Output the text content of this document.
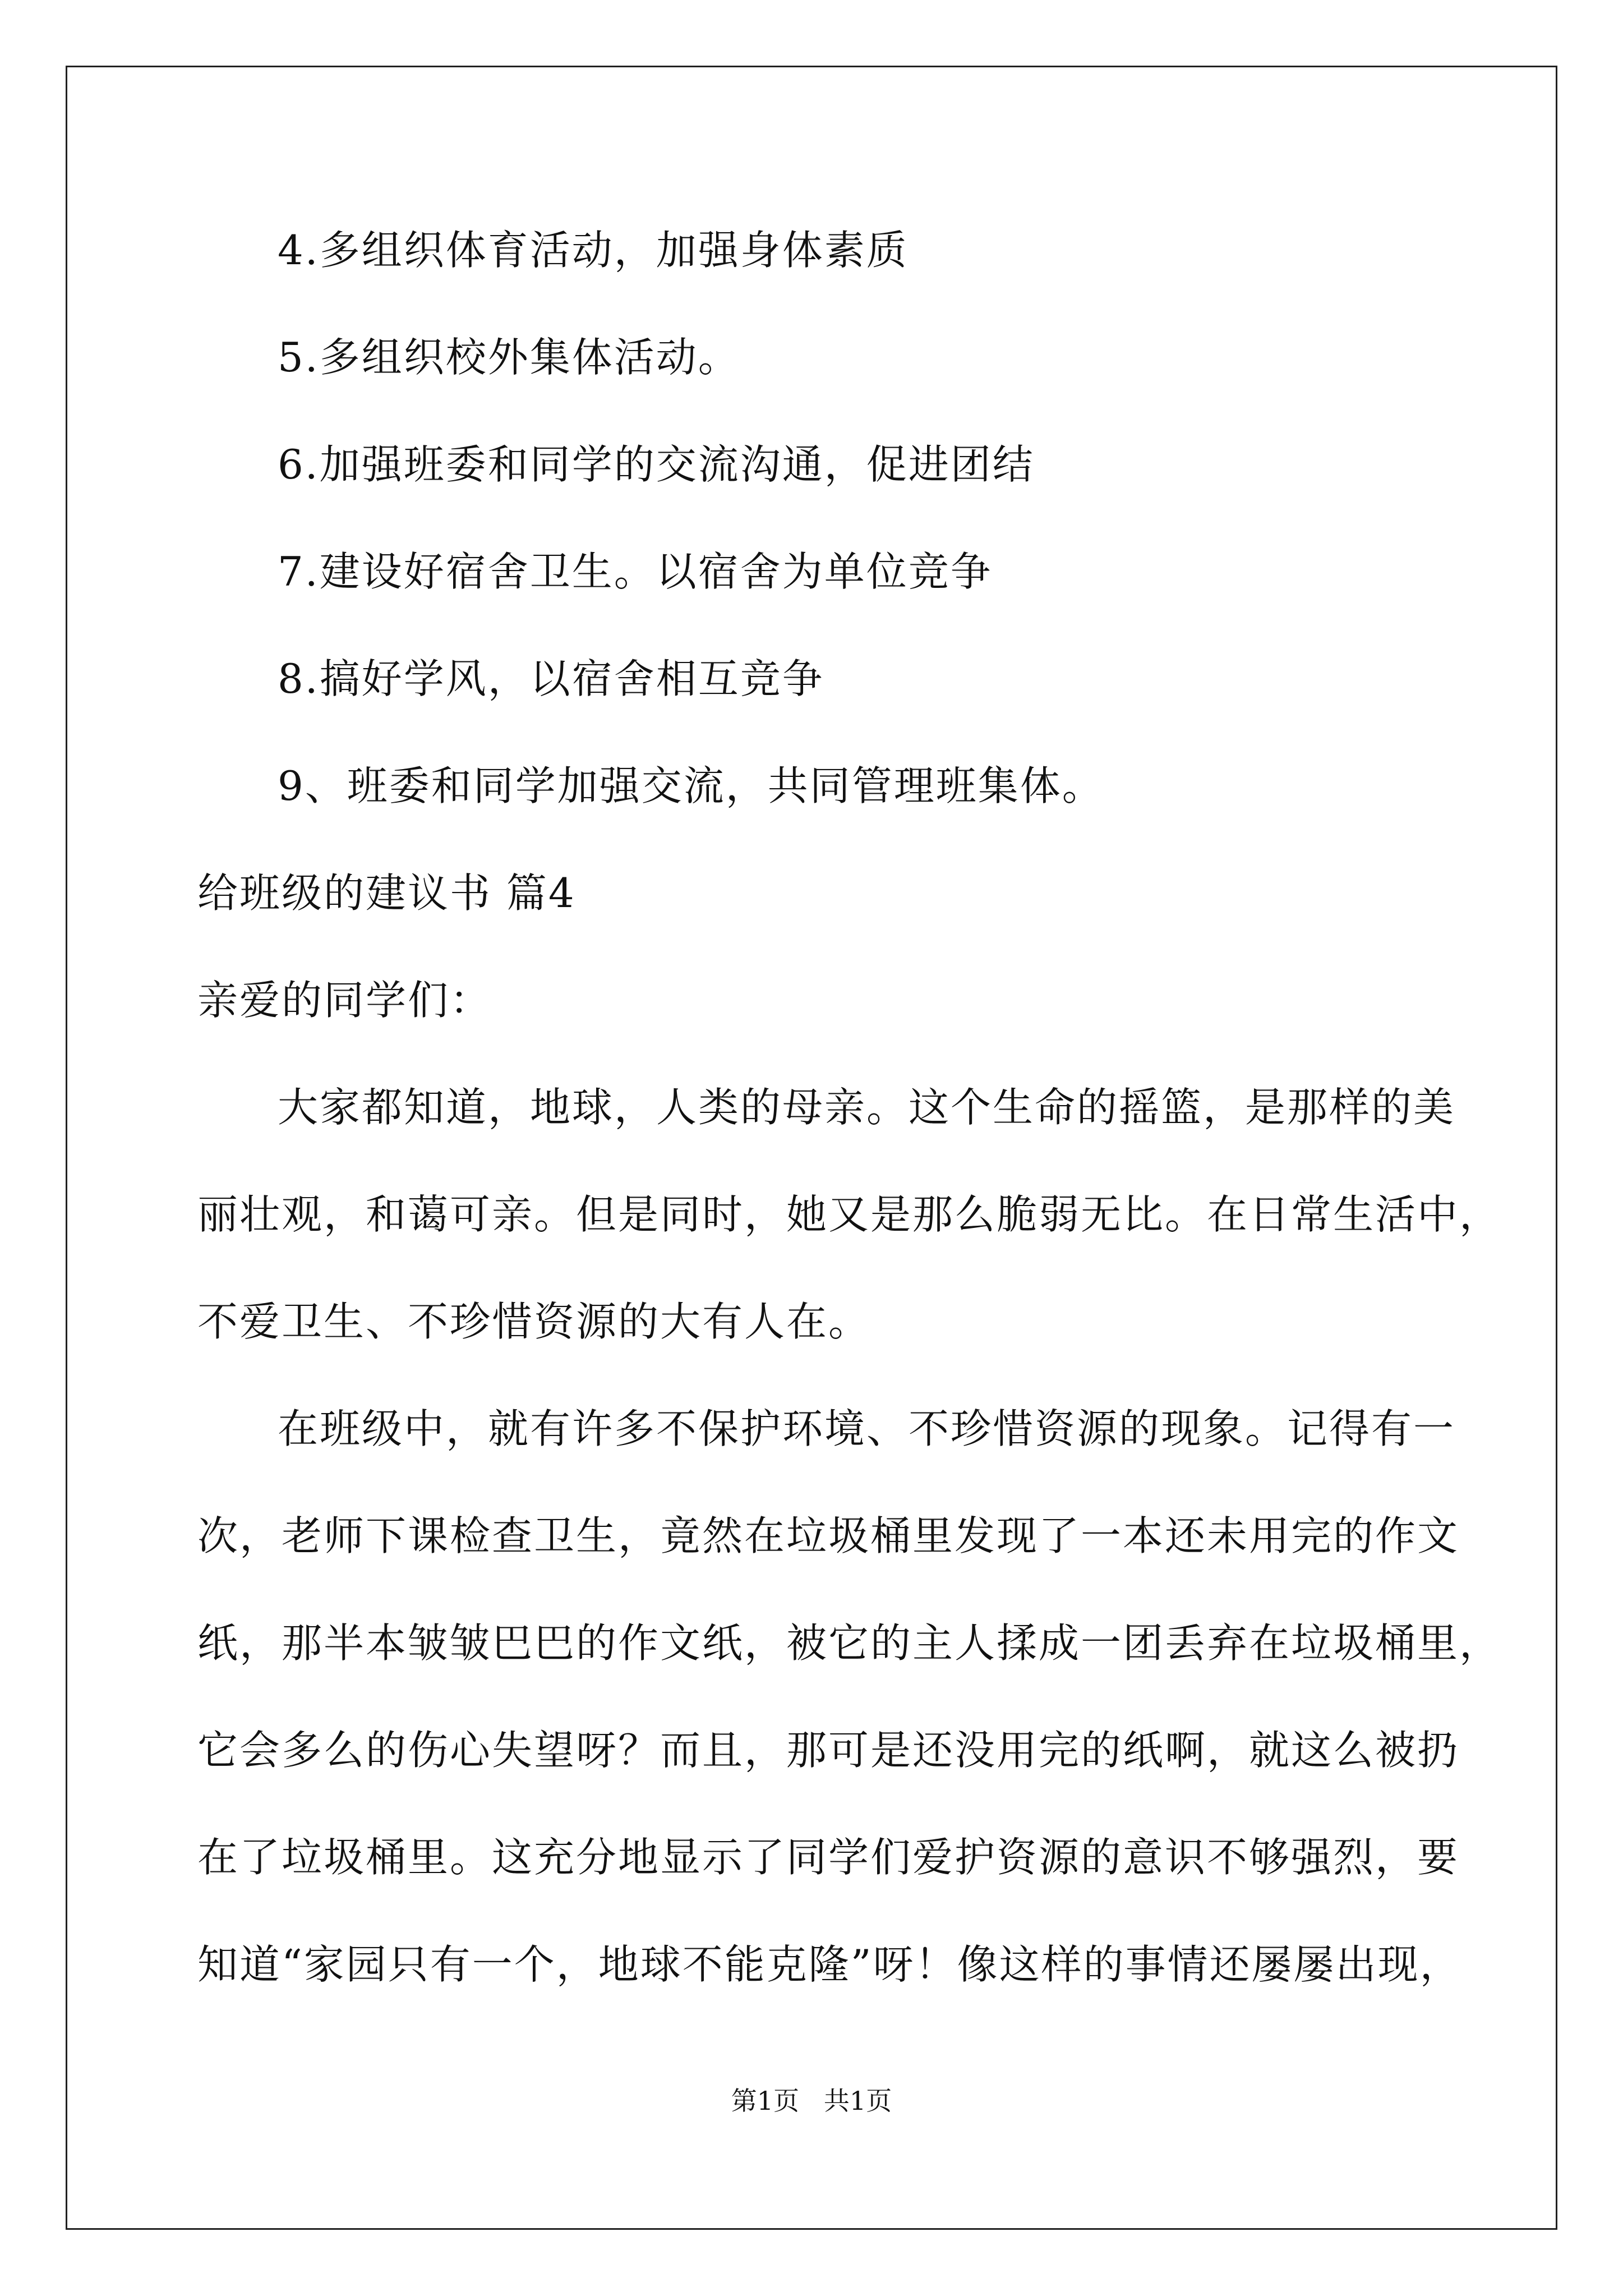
4.多组织体育活动，加强身体素质
5.多组织校外集体活动。
6.加强班委和同学的交流沟通，促进团结
7.建设好宿舍卫生。以宿舍为单位竞争
8.搞好学风，以宿舍相互竞争
9、班委和同学加强交流，共同管理班集体。
给班级的建议书 篇4
亲爱的同学们：
大家都知道，地球，人类的母亲。这个生命的摇篮，是那样的美
丽壮观，和蔼可亲。但是同时，她又是那么脆弱无比。在日常生活中，
不爱卫生、不珍惜资源的大有人在。
在班级中，就有许多不保护环境、不珍惜资源的现象。记得有一
次，老师下课检查卫生，竟然在垃圾桶里发现了一本还未用完的作文
纸，那半本皱皱巴巴的作文纸，被它的主人揉成一团丢弃在垃圾桶里，
它会多么的伤心失望呀？而且，那可是还没用完的纸啊，就这么被扔
在了垃圾桶里。这充分地显示了同学们爱护资源的意识不够强烈，要
知道“家园只有一个，地球不能克隆”呀！像这样的事情还屡屡出现，
第1页   共1页
